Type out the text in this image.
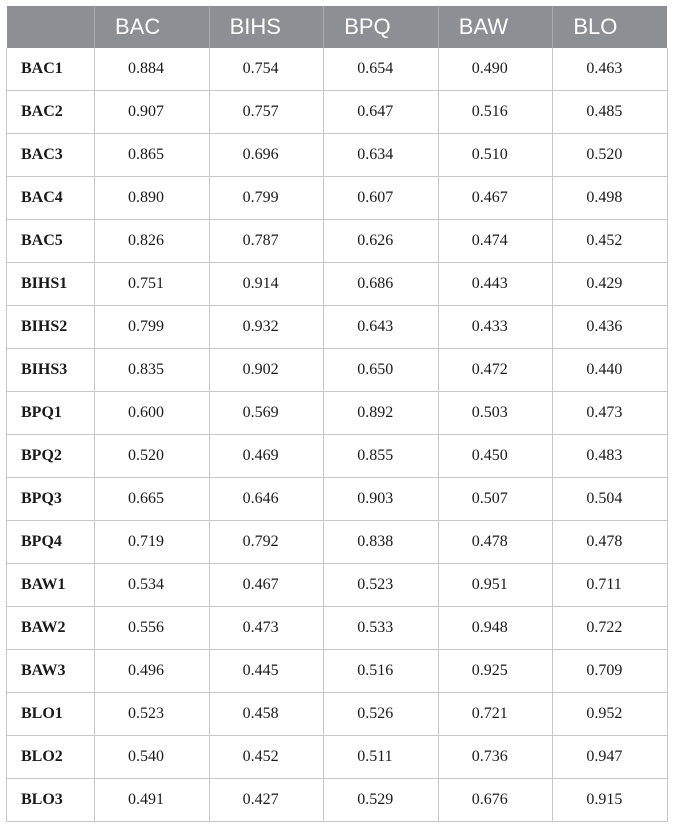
	BAC	BIHS	BPQ	BAW	BLO
BAC1	0.884	0.754	0.654	0.490	0.463
BAC2	0.907	0.757	0.647	0.516	0.485
BAC3	0.865	0.696	0.634	0.510	0.520
BAC4	0.890	0.799	0.607	0.467	0.498
BAC5	0.826	0.787	0.626	0.474	0.452
BIHS1	0.751	0.914	0.686	0.443	0.429
BIHS2	0.799	0.932	0.643	0.433	0.436
BIHS3	0.835	0.902	0.650	0.472	0.440
BPQ1	0.600	0.569	0.892	0.503	0.473
BPQ2	0.520	0.469	0.855	0.450	0.483
BPQ3	0.665	0.646	0.903	0.507	0.504
BPQ4	0.719	0.792	0.838	0.478	0.478
BAW1	0.534	0.467	0.523	0.951	0.711
BAW2	0.556	0.473	0.533	0.948	0.722
BAW3	0.496	0.445	0.516	0.925	0.709
BLO1	0.523	0.458	0.526	0.721	0.952
BLO2	0.540	0.452	0.511	0.736	0.947
BLO3	0.491	0.427	0.529	0.676	0.915
